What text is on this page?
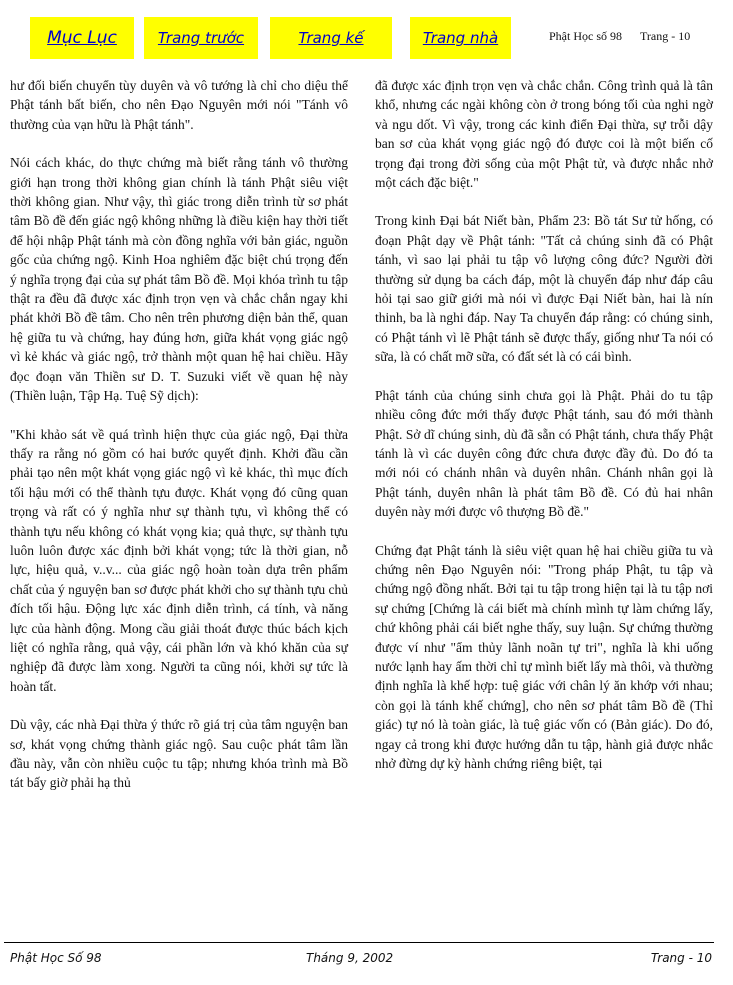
Mục Lục	Trang trước	Trang kế	Trang nhà	Phật Học số 98 Trang - 10

hư đối biến chuyển tùy duyên và vô tướng là chỉ cho diệu thể Phật tánh bất biến, cho nên Đạo Nguyên mới nói "Tánh vô thường của vạn hữu là Phật tánh".

Nói cách khác, do thực chứng mà biết rằng tánh vô thường giới hạn trong thời không gian chính là tánh Phật siêu việt thời không gian. Như vậy, thì giác trong diễn trình từ sơ phát tâm Bồ đề đến giác ngộ không những là điều kiện hay thời tiết để hội nhập Phật tánh mà còn đồng nghĩa với bản giác, nguồn gốc của chứng ngộ. Kinh Hoa nghiêm đặc biệt chú trọng đến ý nghĩa trọng đại của sự phát tâm Bồ đề. Mọi khóa trình tu tập thật ra đều đã được xác định trọn vẹn và chắc chắn ngay khi phát khởi Bồ đề tâm. Cho nên trên phương diện bản thể, quan hệ giữa tu và chứng, hay đúng hơn, giữa khát vọng giác ngộ vì kẻ khác và giác ngộ, trở thành một quan hệ hai chiều. Hãy đọc đoạn văn Thiền sư D. T. Suzuki viết về quan hệ này (Thiền luận, Tập Hạ. Tuệ Sỹ dịch):

"Khi khảo sát về quá trình hiện thực của giác ngộ, Đại thừa thấy ra rằng nó gồm có hai bước quyết định. Khởi đầu cần phải tạo nên một khát vọng giác ngộ vì kẻ khác, thì mục đích tối hậu mới có thể thành tựu được. Khát vọng đó cũng quan trọng và rất có ý nghĩa như sự thành tựu, vì không thể có thành tựu nếu không có khát vọng kia; quả thực, sự thành tựu luôn luôn được xác định bởi khát vọng; tức là thời gian, nỗ lực, hiệu quả, v..v... của giác ngộ hoàn toàn dựa trên phẩm chất của ý nguyện ban sơ được phát khởi cho sự thành tựu chủ đích tối hậu. Động lực xác định diễn trình, cá tính, và năng lực của hành động. Mong cầu giải thoát được thúc bách kịch liệt có nghĩa rằng, quả vậy, cái phần lớn và khó khăn của sự nghiệp đã được làm xong. Người ta cũng nói, khởi sự tức là hoàn tất.

Dù vậy, các nhà Đại thừa ý thức rõ giá trị của tâm nguyện ban sơ, khát vọng chứng thành giác ngộ. Sau cuộc phát tâm lần đầu này, vẫn còn nhiều cuộc tu tập; nhưng khóa trình mà Bồ tát bấy giờ phải hạ thủ

đã được xác định trọn vẹn và chắc chắn. Công trình quả là tân khổ, nhưng các ngài không còn ở trong bóng tối của nghi ngờ và ngu dốt. Vì vậy, trong các kinh điển Đại thừa, sự trỗi dậy ban sơ của khát vọng giác ngộ đó được coi là một biến cố trọng đại trong đời sống của một Phật tử, và được nhắc nhở một cách đặc biệt."

Trong kinh Đại bát Niết bàn, Phẩm 23: Bồ tát Sư tử hống, có đoạn Phật dạy về Phật tánh: "Tất cả chúng sinh đã có Phật tánh, vì sao lại phải tu tập vô lượng công đức? Người đời thường sử dụng ba cách đáp, một là chuyển đáp như đáp câu hỏi tại sao giữ giới mà nói vì được Đại Niết bàn, hai là nín thinh, ba là nghi đáp. Nay Ta chuyển đáp rằng: có chúng sinh, có Phật tánh vì lẽ Phật tánh sẽ được thấy, giống như Ta nói có sữa, là có chất mỡ sữa, có đất sét là có cái bình.

Phật tánh của chúng sinh chưa gọi là Phật. Phải do tu tập nhiều công đức mới thấy được Phật tánh, sau đó mới thành Phật. Sở dĩ chúng sinh, dù đã sẵn có Phật tánh, chưa thấy Phật tánh là vì các duyên công đức chưa được đầy đủ. Do đó ta mới nói có chánh nhân và duyên nhân. Chánh nhân gọi là Phật tánh, duyên nhân là phát tâm Bồ đề. Có đủ hai nhân duyên này mới được vô thượng Bồ đề."

Chứng đạt Phật tánh là siêu việt quan hệ hai chiều giữa tu và chứng nên Đạo Nguyên nói: "Trong pháp Phật, tu tập và chứng ngộ đồng nhất. Bởi tại tu tập trong hiện tại là tu tập nơi sự chứng [Chứng là cái biết mà chính mình tự làm chứng lấy, chứ không phải cái biết nghe thấy, suy luận. Sự chứng thường được ví như "ẩm thủy lãnh noãn tự tri", nghĩa là khi uống nước lạnh hay ấm thời chỉ tự mình biết lấy mà thôi, và thường định nghĩa là khế hợp: tuệ giác với chân lý ăn khớp với nhau; còn gọi là tánh khế chứng], cho nên sơ phát tâm Bồ đề (Thỉ giác) tự nó là toàn giác, là tuệ giác vốn có (Bản giác). Do đó, ngay cả trong khi được hướng dẫn tu tập, hành giả được nhắc nhở đừng dự kỳ hành chứng riêng biệt, tại

Phật Học Số 98	Tháng 9, 2002	Trang - 10
